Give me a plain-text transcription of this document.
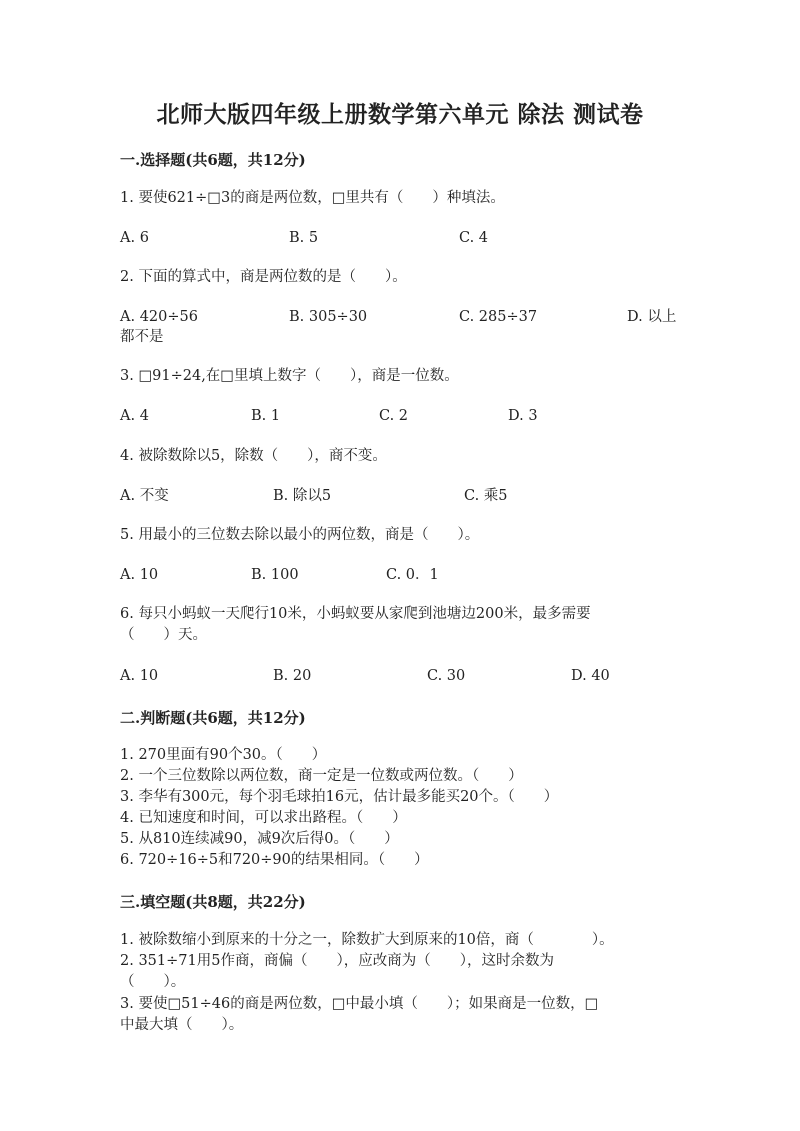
北师大版四年级上册数学第六单元 除法 测试卷
一.选择题(共6题，共12分)
1. 要使621÷□3的商是两位数，□里共有（　　）种填法。
A. 6	B. 5	C. 4
2. 下面的算式中，商是两位数的是（　　）。
A. 420÷56	B. 305÷30	C. 285÷37	D. 以上
都不是
3. □91÷24,在□里填上数字（　　），商是一位数。
A. 4	B. 1	C. 2	D. 3
4. 被除数除以5，除数（　　），商不变。
A. 不变	B. 除以5	C. 乘5
5. 用最小的三位数去除以最小的两位数，商是（　　）。
A. 10	B. 100	C. 0．1
6. 每只小蚂蚁一天爬行10米，小蚂蚁要从家爬到池塘边200米，最多需要
（　　）天。
A. 10	B. 20	C. 30	D. 40
二.判断题(共6题，共12分)
1. 270里面有90个30。（　　）
2. 一个三位数除以两位数，商一定是一位数或两位数。（　　）
3. 李华有300元，每个羽毛球拍16元，估计最多能买20个。（　　）
4. 已知速度和时间，可以求出路程。（　　）
5. 从810连续减90，减9次后得0。（　　）
6. 720÷16÷5和720÷90的结果相同。（　　）
三.填空题(共8题，共22分)
1. 被除数缩小到原来的十分之一，除数扩大到原来的10倍，商（　　　　）。
2. 351÷71用5作商，商偏（　　），应改商为（　　），这时余数为
（　　）。
3. 要使□51÷46的商是两位数，□中最小填（　　）；如果商是一位数，□
中最大填（　　）。
